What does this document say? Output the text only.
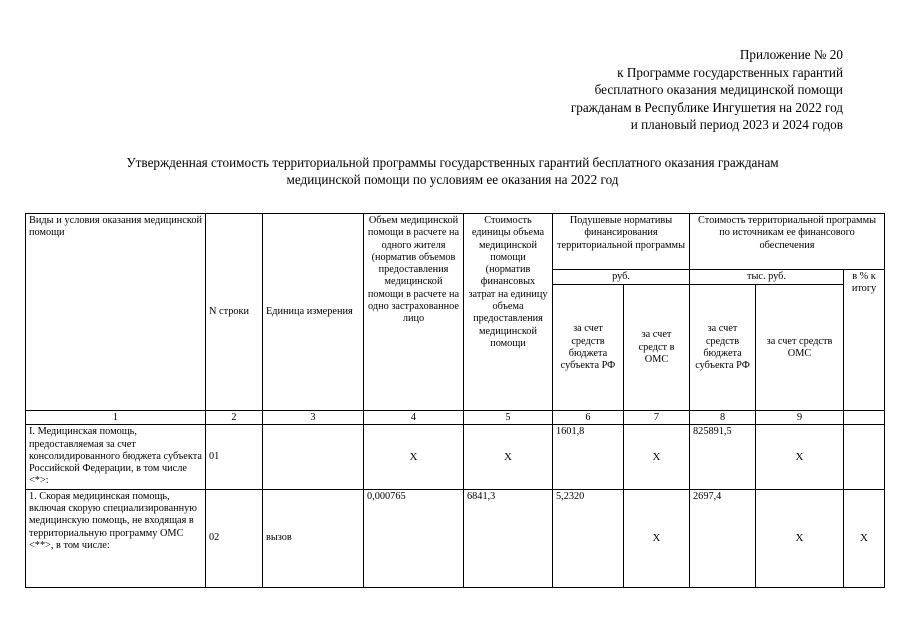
Приложение № 20
к Программе государственных гарантий
бесплатного оказания медицинской помощи
гражданам в Республике Ингушетия на 2022 год
и плановый период 2023 и 2024 годов
Утвержденная стоимость территориальной программы государственных гарантий бесплатного оказания гражданам
медицинской помощи по условиям ее оказания на 2022 год
Виды и условия оказания медицинской помощи	N строки	Единица измерения	Объем медицинской помощи в расчете на одного жителя (норматив объемов предоставления медицинской помощи в расчете на одно застрахованное лицо	Стоимость единицы объема медицинской помощи (норматив финансовых затрат на единицу объема предоставления медицинской помощи	Подушевые нормативы финансирования территориальной программы		Стоимость территориальной программы по источникам ее финансового обеспечения		
					руб.		тыс. руб.		в % к итогу
					за счет средств бюджета субъекта РФ	за счет средст в ОМС	за счет средств бюджета субъекта РФ	за счет средств ОМС	
1	2	3	4	5	6	7	8	9	
I. Медицинская помощь, предоставляемая за счет консолидированного бюджета субъекта Российской Федерации, в том числе <*>:	01		X	X	1601,8	X	825891,5	X	
1. Скорая медицинская помощь, включая скорую специализированную медицинскую помощь, не входящая в территориальную программу ОМС <**>, в том числе:	02	вызов	0,000765	6841,3	5,2320	X	2697,4	X	X
